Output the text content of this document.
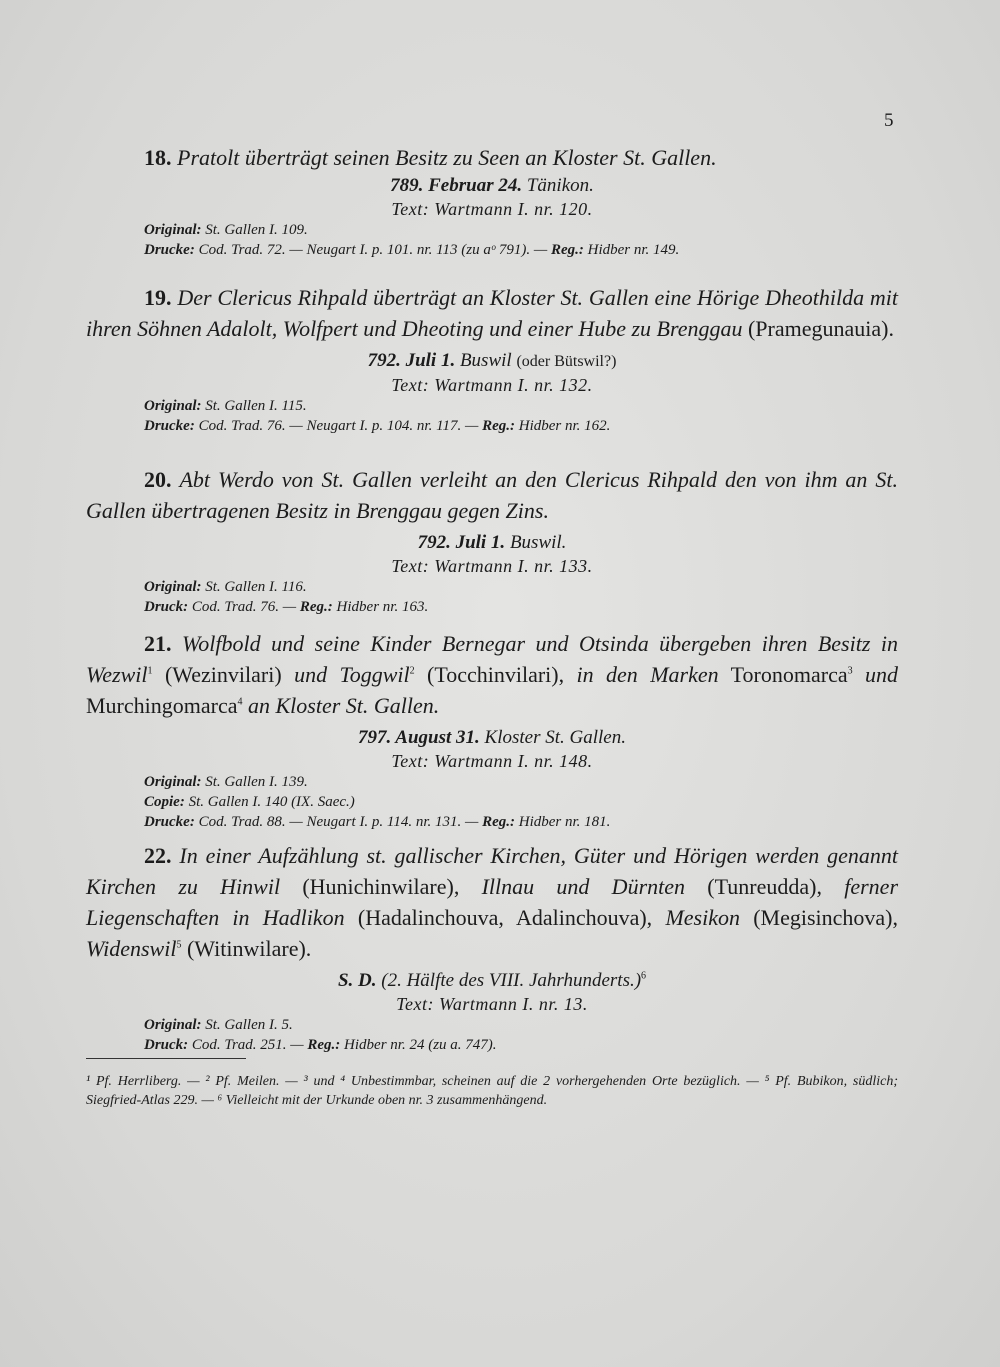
5

18. Pratolt überträgt seinen Besitz zu Seen an Kloster St. Gallen.

789. Februar 24. Tänikon.

Text: Wartmann I. nr. 120.

Original: St. Gallen I. 109.

Drucke: Cod. Trad. 72. — Neugart I. p. 101. nr. 113 (zu aᵒ 791). — Reg.: Hidber nr. 149.

19. Der Clericus Rihpald überträgt an Kloster St. Gallen eine Hörige Dheothilda mit ihren Söhnen Adalolt, Wolfpert und Dheoting und einer Hube zu Brenggau (Pramegunauia).

792. Juli 1. Buswil (oder Bütswil?)

Text: Wartmann I. nr. 132.

Original: St. Gallen I. 115.

Drucke: Cod. Trad. 76. — Neugart I. p. 104. nr. 117. — Reg.: Hidber nr. 162.

20. Abt Werdo von St. Gallen verleiht an den Clericus Rihpald den von ihm an St. Gallen übertragenen Besitz in Brenggau gegen Zins.

792. Juli 1. Buswil.

Text: Wartmann I. nr. 133.

Original: St. Gallen I. 116.

Druck: Cod. Trad. 76. — Reg.: Hidber nr. 163.

21. Wolfbold und seine Kinder Bernegar und Otsinda übergeben ihren Besitz in Wezwil$^1$ (Wezinvilari) und Toggwil$^2$ (Tocchinvilari), in den Marken Toronomarca$^3$ und Murchingomarca$^4$ an Kloster St. Gallen.

797. August 31. Kloster St. Gallen.

Text: Wartmann I. nr. 148.

Original: St. Gallen I. 139.

Copie: St. Gallen I. 140 (IX. Saec.)

Drucke: Cod. Trad. 88. — Neugart I. p. 114. nr. 131. — Reg.: Hidber nr. 181.

22. In einer Aufzählung st. gallischer Kirchen, Güter und Hörigen werden genannt Kirchen zu Hinwil (Hunichinwilare), Illnau und Dürnten (Tunreudda), ferner Liegenschaften in Hadlikon (Hadalinchouva, Adalinchouva), Mesikon (Megisinchova), Widenswil$^5$ (Witinwilare).

S. D. (2. Hälfte des VIII. Jahrhunderts.)$^6$

Text: Wartmann I. nr. 13.

Original: St. Gallen I. 5.

Druck: Cod. Trad. 251. — Reg.: Hidber nr. 24 (zu a. 747).

¹ Pf. Herrliberg. — ² Pf. Meilen. — ³ und ⁴ Unbestimmbar, scheinen auf die 2 vorhergehenden Orte bezüglich. — ⁵ Pf. Bubikon, südlich; Siegfried-Atlas 229. — ⁶ Vielleicht mit der Urkunde oben nr. 3 zusammenhängend.
